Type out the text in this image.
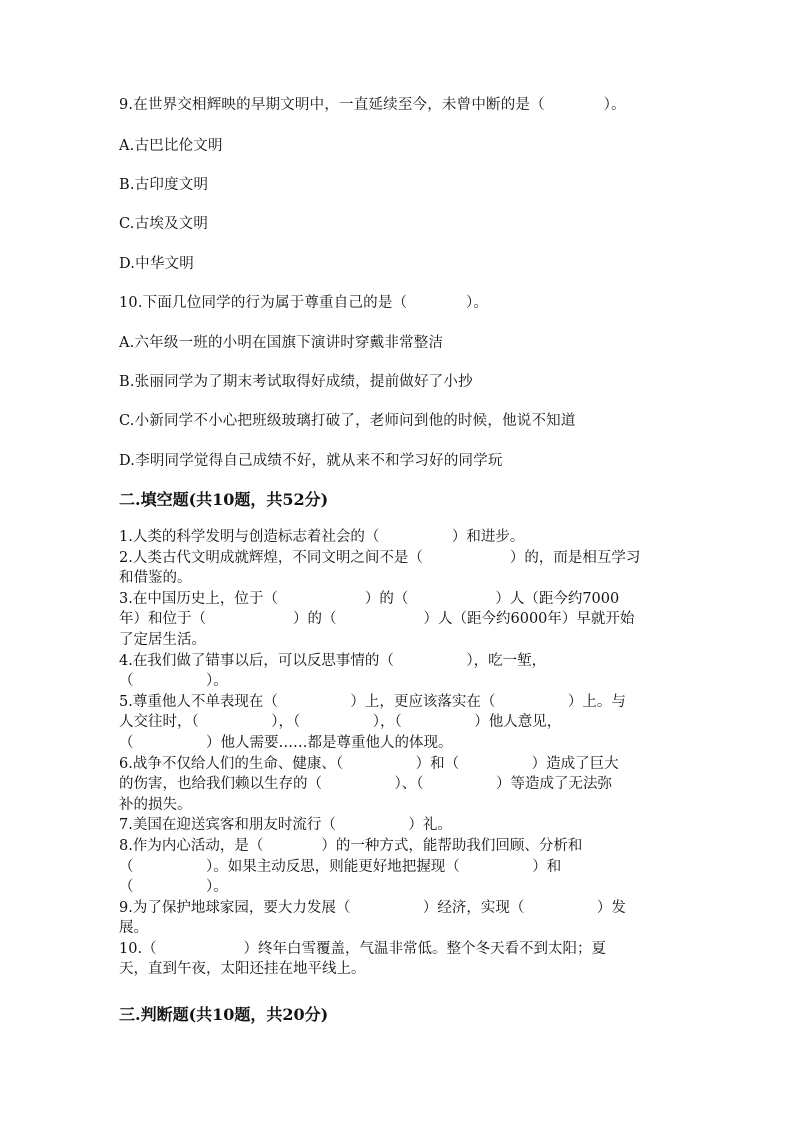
9.在世界交相辉映的早期文明中，一直延续至今，未曾中断的是（　　　　）。
A.古巴比伦文明
B.古印度文明
C.古埃及文明
D.中华文明
10.下面几位同学的行为属于尊重自己的是（　　　　）。
A.六年级一班的小明在国旗下演讲时穿戴非常整洁
B.张丽同学为了期末考试取得好成绩，提前做好了小抄
C.小新同学不小心把班级玻璃打破了，老师问到他的时候，他说不知道
D.李明同学觉得自己成绩不好，就从来不和学习好的同学玩
二.填空题(共10题，共52分)
1.人类的科学发明与创造标志着社会的（　　　　　）和进步。
2.人类古代文明成就辉煌，不同文明之间不是（　　　　　　）的，而是相互学习
和借鉴的。
3.在中国历史上，位于（　　　　　　）的（　　　　　　）人（距今约7000
年）和位于（　　　　　　）的（　　　　　　）人（距今约6000年）早就开始
了定居生活。
4.在我们做了错事以后，可以反思事情的（　　　　　），吃一堑，
（　　　　　）。
5.尊重他人不单表现在（　　　　　）上，更应该落实在（　　　　　）上。与
人交往时，（　　　　　），（　　　　　），（　　　　　）他人意见，
（　　　　　）他人需要……都是尊重他人的体现。
6.战争不仅给人们的生命、健康、（　　　　　）和（　　　　　）造成了巨大
的伤害，也给我们赖以生存的（　　　　　）、（　　　　　）等造成了无法弥
补的损失。
7.美国在迎送宾客和朋友时流行（　　　　　）礼。
8.作为内心活动，是（　　　　）的一种方式，能帮助我们回顾、分析和
（　　　　　）。如果主动反思，则能更好地把握现（　　　　　）和
（　　　　　）。
9.为了保护地球家园，要大力发展（　　　　　）经济，实现（　　　　　）发
展。
10.（　　　　　　）终年白雪覆盖，气温非常低。整个冬天看不到太阳；夏
天，直到午夜，太阳还挂在地平线上。
三.判断题(共10题，共20分)
